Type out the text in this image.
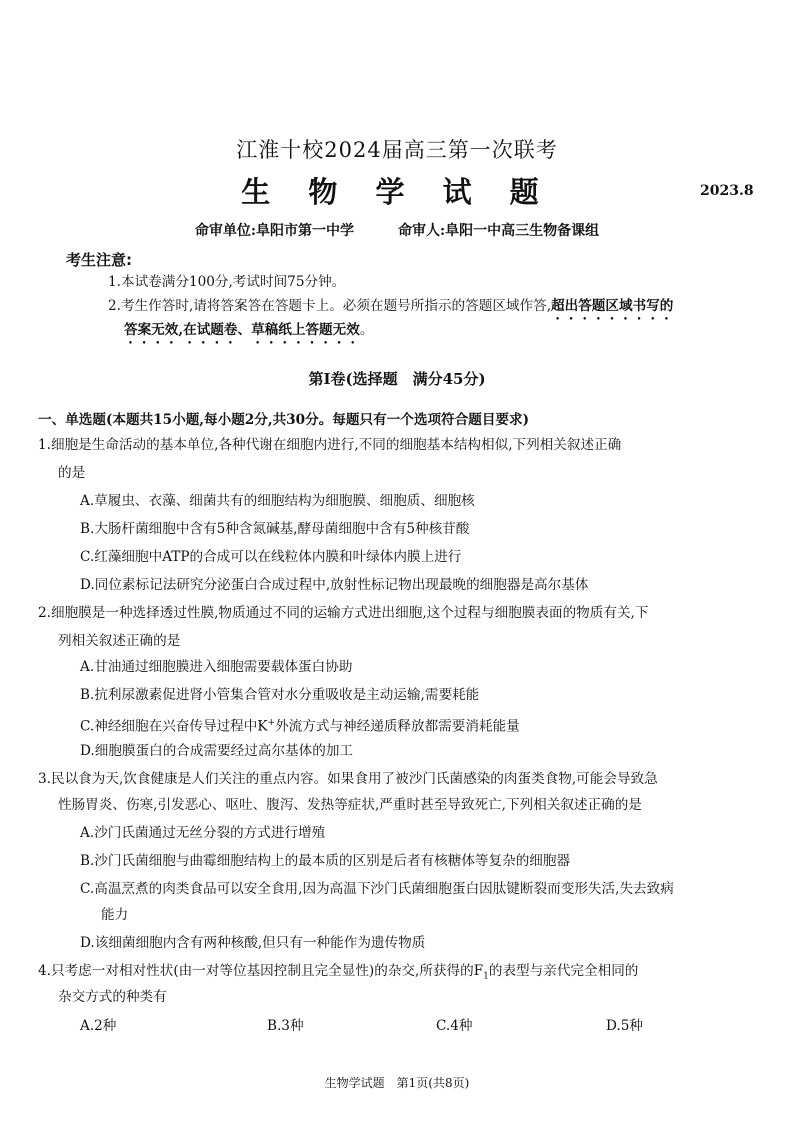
江淮十校2024届高三第一次联考
生 物 学 试 题	2023.8
命审单位:阜阳市第一中学	命审人:阜阳一中高三生物备课组
考生注意:
1.本试卷满分100分,考试时间75分钟。
2.考生作答时,请将答案答在答题卡上。必须在题号所指示的答题区域作答,超出答题区域书写的
答案无效,在试题卷、草稿纸上答题无效。
第Ⅰ卷(选择题　满分45分)
一、单选题(本题共15小题,每小题2分,共30分。每题只有一个选项符合题目要求)
1.细胞是生命活动的基本单位,各种代谢在细胞内进行,不同的细胞基本结构相似,下列相关叙述正确
的是
A.草履虫、衣藻、细菌共有的细胞结构为细胞膜、细胞质、细胞核
B.大肠杆菌细胞中含有5种含氮碱基,酵母菌细胞中含有5种核苷酸
C.红藻细胞中ATP的合成可以在线粒体内膜和叶绿体内膜上进行
D.同位素标记法研究分泌蛋白合成过程中,放射性标记物出现最晚的细胞器是高尔基体
2.细胞膜是一种选择透过性膜,物质通过不同的运输方式进出细胞,这个过程与细胞膜表面的物质有关,下
列相关叙述正确的是
A.甘油通过细胞膜进入细胞需要载体蛋白协助
B.抗利尿激素促进肾小管集合管对水分重吸收是主动运输,需要耗能
C.神经细胞在兴奋传导过程中K+外流方式与神经递质释放都需要消耗能量
D.细胞膜蛋白的合成需要经过高尔基体的加工
3.民以食为天,饮食健康是人们关注的重点内容。如果食用了被沙门氏菌感染的肉蛋类食物,可能会导致急
性肠胃炎、伤寒,引发恶心、呕吐、腹泻、发热等症状,严重时甚至导致死亡,下列相关叙述正确的是
A.沙门氏菌通过无丝分裂的方式进行增殖
B.沙门氏菌细胞与曲霉细胞结构上的最本质的区别是后者有核糖体等复杂的细胞器
C.高温烹煮的肉类食品可以安全食用,因为高温下沙门氏菌细胞蛋白因肽键断裂而变形失活,失去致病
能力
D.该细菌细胞内含有两种核酸,但只有一种能作为遗传物质
4.只考虑一对相对性状(由一对等位基因控制且完全显性)的杂交,所获得的$F_1$的表型与亲代完全相同的
杂交方式的种类有
A.2种	B.3种	C.4种	D.5种
生物学试题　第1页(共8页)
